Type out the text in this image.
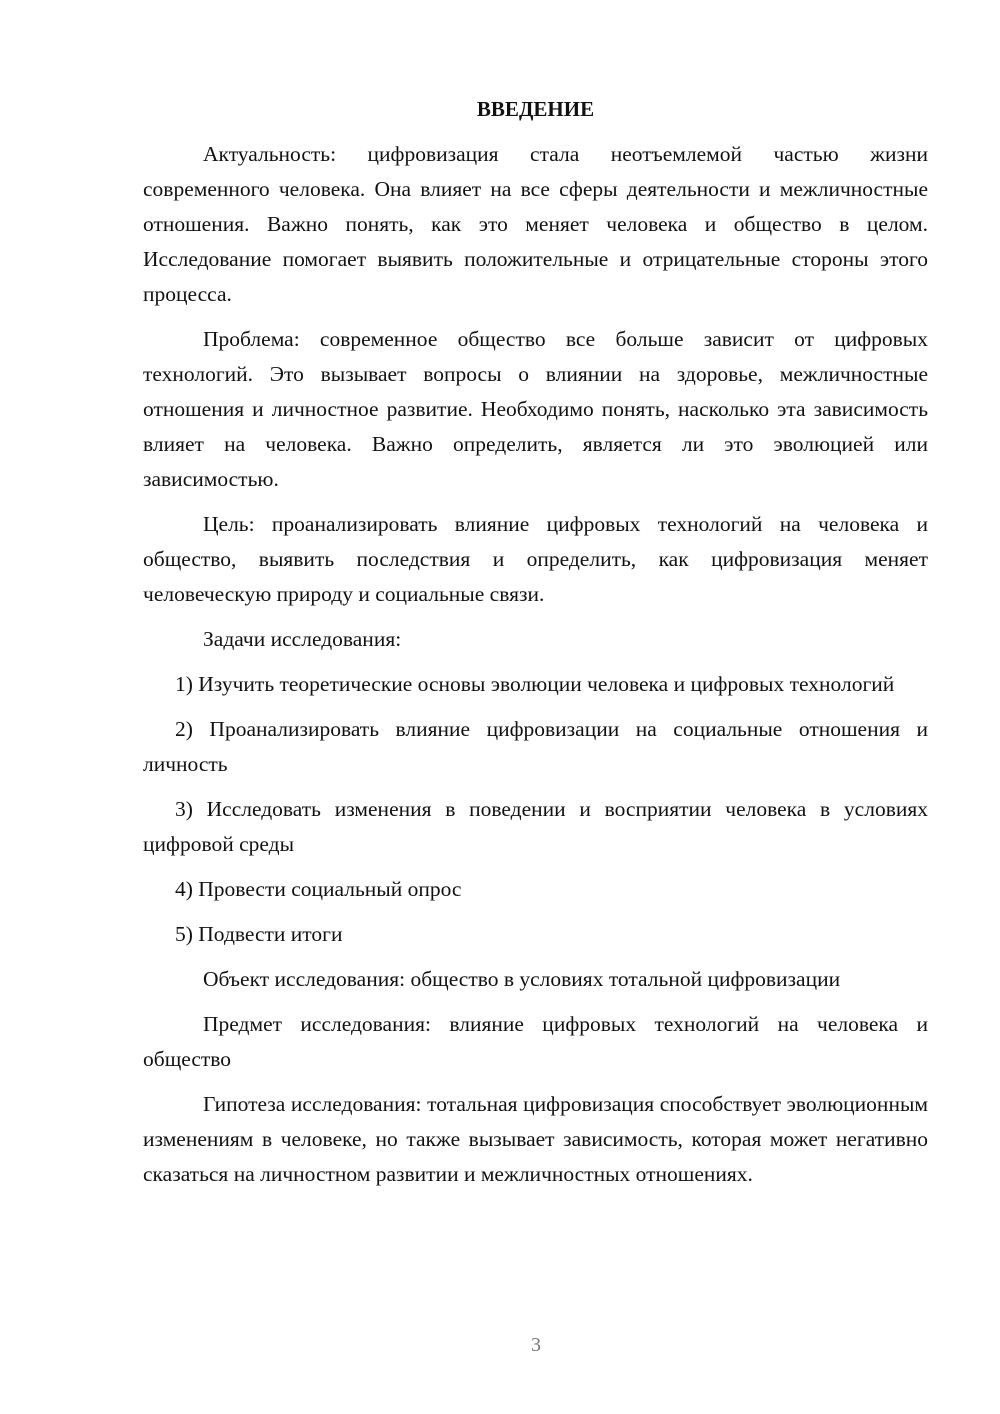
ВВЕДЕНИЕ

Актуальность: цифровизация стала неотъемлемой частью жизни современного человека. Она влияет на все сферы деятельности и межличностные отношения. Важно понять, как это меняет человека и общество в целом. Исследование помогает выявить положительные и отрицательные стороны этого процесса.

Проблема: современное общество все больше зависит от цифровых технологий. Это вызывает вопросы о влиянии на здоровье, межличностные отношения и личностное развитие. Необходимо понять, насколько эта зависимость влияет на человека. Важно определить, является ли это эволюцией или зависимостью.

Цель: проанализировать влияние цифровых технологий на человека и общество, выявить последствия и определить, как цифровизация меняет человеческую природу и социальные связи.

Задачи исследования:

1) Изучить теоретические основы эволюции человека и цифровых технологий

2) Проанализировать влияние цифровизации на социальные отношения и личность

3) Исследовать изменения в поведении и восприятии человека в условиях цифровой среды

4) Провести социальный опрос

5) Подвести итоги

Объект исследования: общество в условиях тотальной цифровизации

Предмет исследования: влияние цифровых технологий на человека и общество

Гипотеза исследования: тотальная цифровизация способствует эволюционным изменениям в человеке, но также вызывает зависимость, которая может негативно сказаться на личностном развитии и межличностных отношениях.

3
